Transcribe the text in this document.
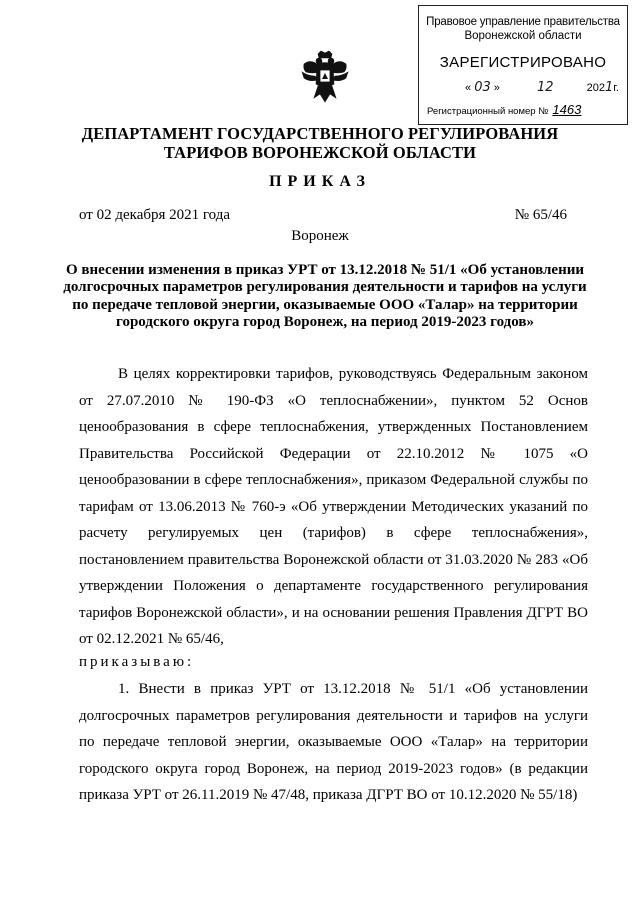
Правовое управление правительства
Воронежской области
ЗАРЕГИСТРИРОВАНО
« 03 »	12	2021г.
Регистрационный номер № 1463
ДЕПАРТАМЕНТ ГОСУДАРСТВЕННОГО РЕГУЛИРОВАНИЯ
ТАРИФОВ ВОРОНЕЖСКОЙ ОБЛАСТИ
ПРИКАЗ
от 02 декабря 2021 года	№ 65/46
Воронеж
О внесении изменения в приказ УРТ от 13.12.2018 № 51/1 «Об установлении долгосрочных параметров регулирования деятельности и тарифов на услуги по передаче тепловой энергии, оказываемые ООО «Талар» на территории городского округа город Воронеж, на период 2019-2023 годов»

В целях корректировки тарифов, руководствуясь Федеральным законом от 27.07.2010 № 190-ФЗ «О теплоснабжении», пунктом 52 Основ ценообразования в сфере теплоснабжения, утвержденных Постановлением Правительства Российской Федерации от 22.10.2012 № 1075 «О ценообразовании в сфере теплоснабжения», приказом Федеральной службы по тарифам от 13.06.2013 № 760-э «Об утверждении Методических указаний по расчету регулируемых цен (тарифов) в сфере теплоснабжения», постановлением правительства Воронежской области от 31.03.2020 № 283 «Об утверждении Положения о департаменте государственного регулирования тарифов Воронежской области», и на основании решения Правления ДГРТ ВО от 02.12.2021 № 65/46,

приказываю:

1. Внести в приказ УРТ от 13.12.2018 № 51/1 «Об установлении долгосрочных параметров регулирования деятельности и тарифов на услуги по передаче тепловой энергии, оказываемые ООО «Талар» на территории городского округа город Воронеж, на период 2019-2023 годов» (в редакции приказа УРТ от 26.11.2019 № 47/48, приказа ДГРТ ВО от 10.12.2020 № 55/18)
